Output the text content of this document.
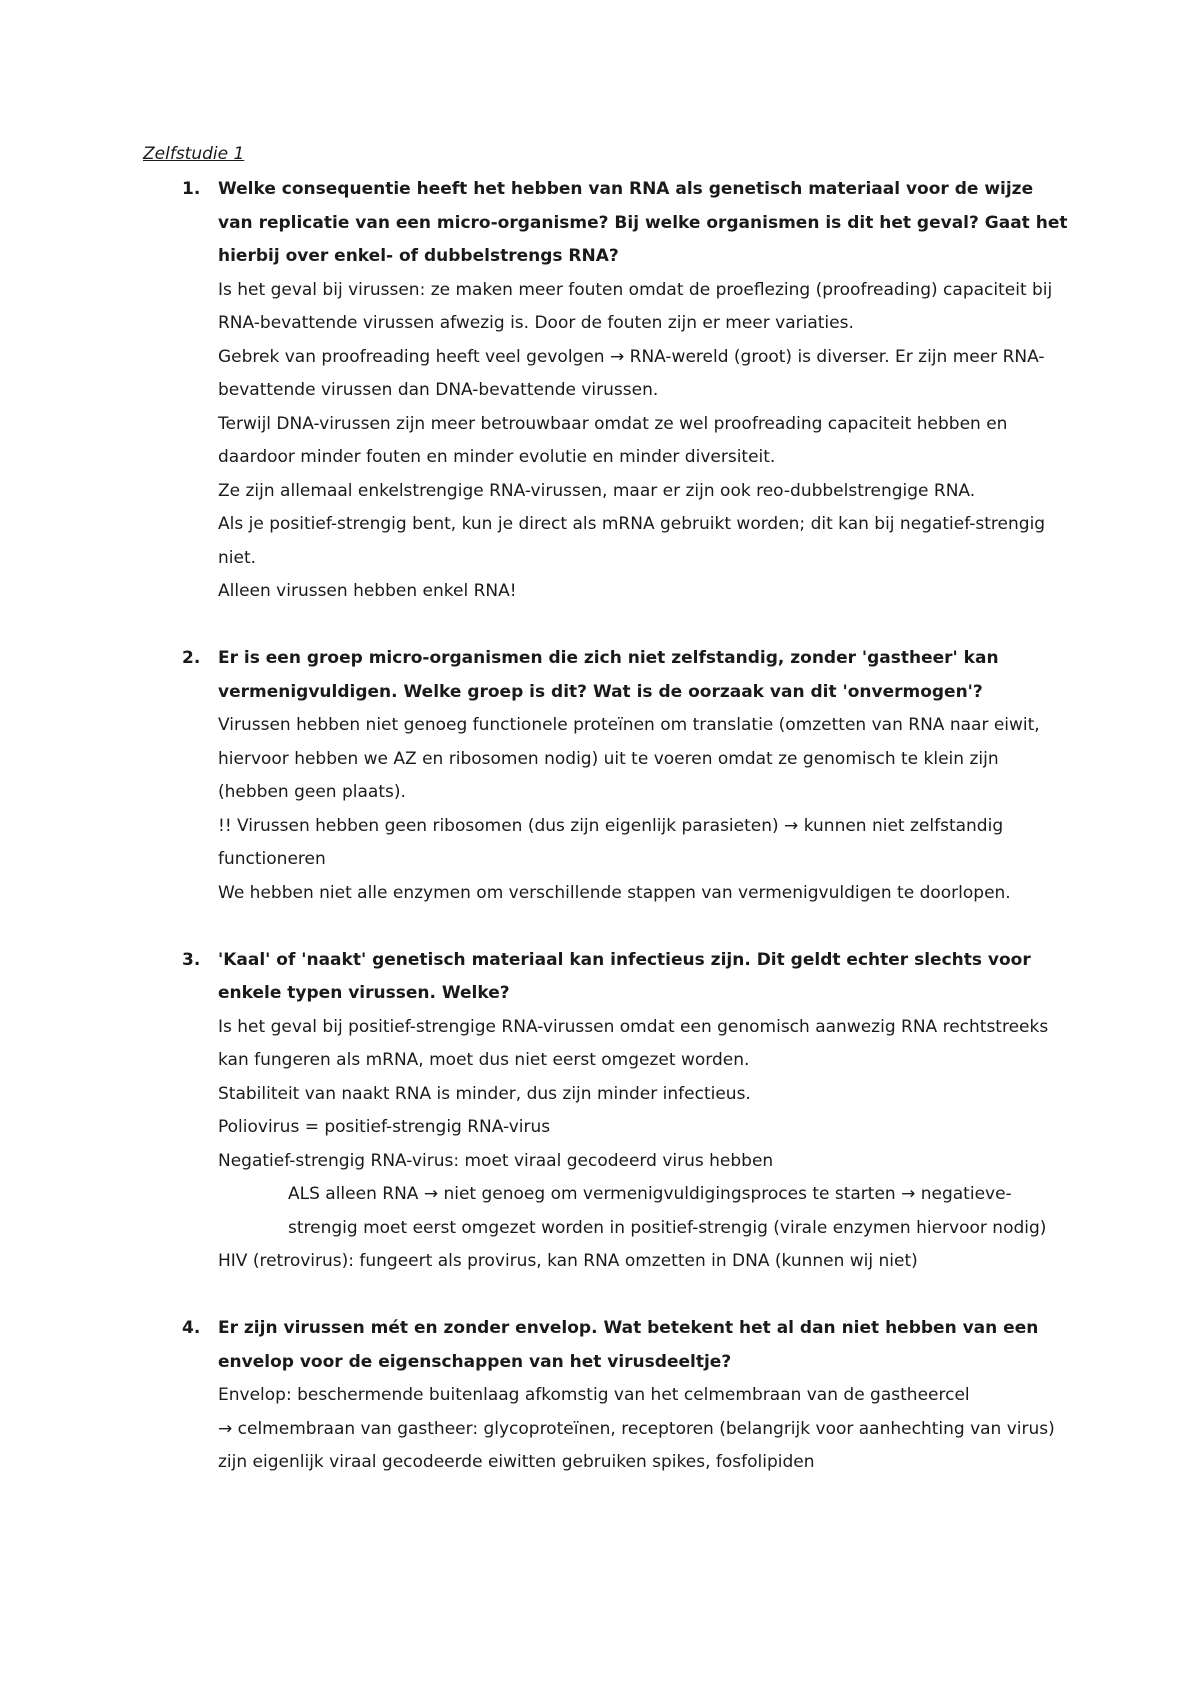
Zelfstudie 1
1.	Welke consequentie heeft het hebben van RNA als genetisch materiaal voor de wijze van replicatie van een micro-organisme? Bij welke organismen is dit het geval? Gaat het hierbij over enkel- of dubbelstrengs RNA?

Is het geval bij virussen: ze maken meer fouten omdat de proeflezing (proofreading) capaciteit bij RNA-bevattende virussen afwezig is. Door de fouten zijn er meer variaties.

Gebrek van proofreading heeft veel gevolgen → RNA-wereld (groot) is diverser. Er zijn meer RNA-bevattende virussen dan DNA-bevattende virussen.

Terwijl DNA-virussen zijn meer betrouwbaar omdat ze wel proofreading capaciteit hebben en daardoor minder fouten en minder evolutie en minder diversiteit.

Ze zijn allemaal enkelstrengige RNA-virussen, maar er zijn ook reo-dubbelstrengige RNA.

Als je positief-strengig bent, kun je direct als mRNA gebruikt worden; dit kan bij negatief-strengig niet.

Alleen virussen hebben enkel RNA!

2.	Er is een groep micro-organismen die zich niet zelfstandig, zonder 'gastheer' kan vermenigvuldigen. Welke groep is dit? Wat is de oorzaak van dit 'onvermogen'?

Virussen hebben niet genoeg functionele proteïnen om translatie (omzetten van RNA naar eiwit, hiervoor hebben we AZ en ribosomen nodig) uit te voeren omdat ze genomisch te klein zijn (hebben geen plaats).

!! Virussen hebben geen ribosomen (dus zijn eigenlijk parasieten) → kunnen niet zelfstandig functioneren

We hebben niet alle enzymen om verschillende stappen van vermenigvuldigen te doorlopen.

3.	'Kaal' of 'naakt' genetisch materiaal kan infectieus zijn. Dit geldt echter slechts voor enkele typen virussen. Welke?

Is het geval bij positief-strengige RNA-virussen omdat een genomisch aanwezig RNA rechtstreeks kan fungeren als mRNA, moet dus niet eerst omgezet worden.

Stabiliteit van naakt RNA is minder, dus zijn minder infectieus.

Poliovirus = positief-strengig RNA-virus

Negatief-strengig RNA-virus: moet viraal gecodeerd virus hebben

ALS alleen RNA → niet genoeg om vermenigvuldigingsproces te starten → negatieve-strengig moet eerst omgezet worden in positief-strengig (virale enzymen hiervoor nodig)

HIV (retrovirus): fungeert als provirus, kan RNA omzetten in DNA (kunnen wij niet)

4.	Er zijn virussen mét en zonder envelop. Wat betekent het al dan niet hebben van een envelop voor de eigenschappen van het virusdeeltje?

Envelop: beschermende buitenlaag afkomstig van het celmembraan van de gastheercel

→ celmembraan van gastheer: glycoproteïnen, receptoren (belangrijk voor aanhechting van virus) zijn eigenlijk viraal gecodeerde eiwitten gebruiken spikes, fosfolipiden
